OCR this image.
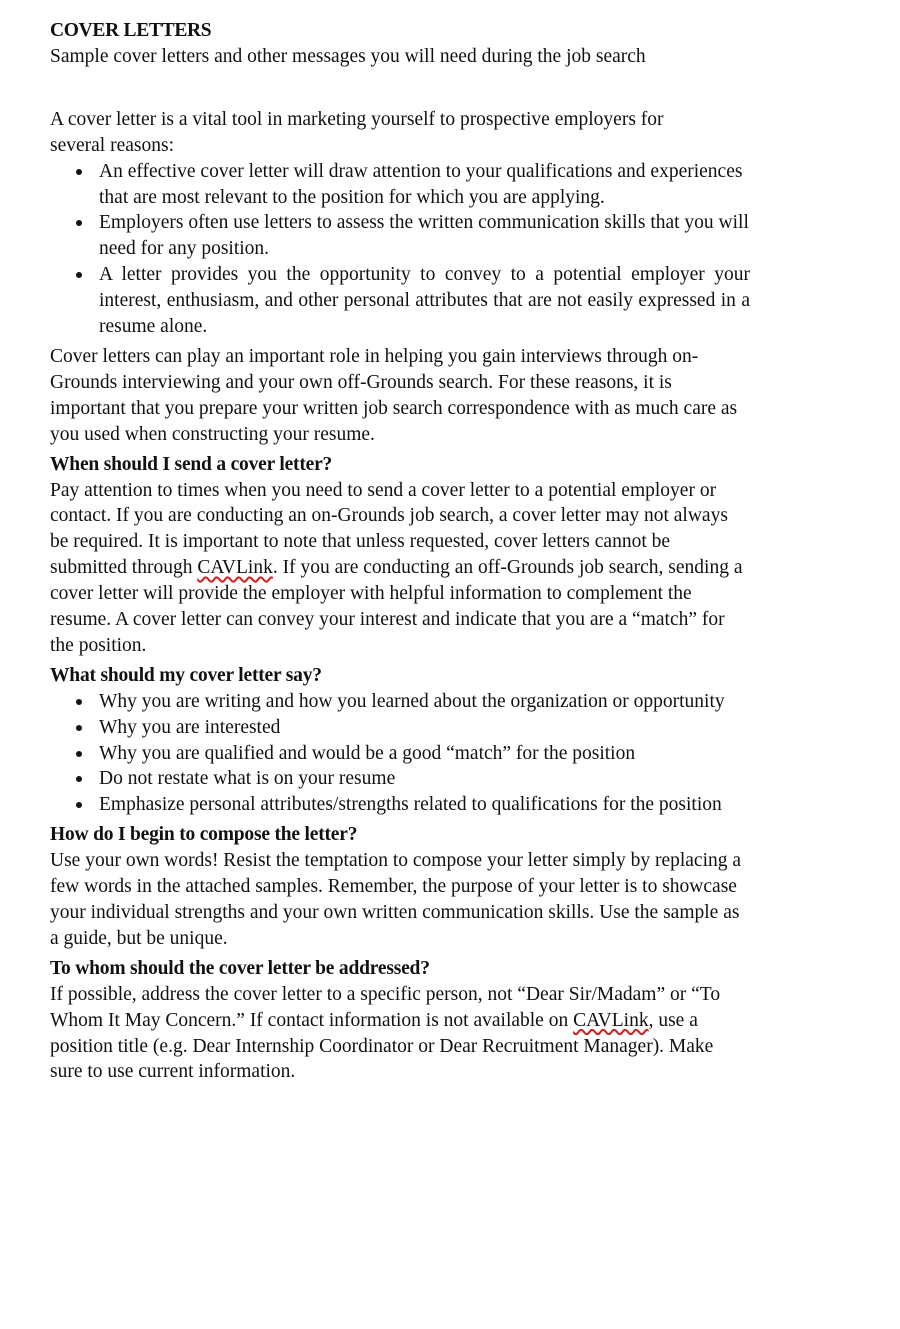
COVER LETTERS

Sample cover letters and other messages you will need during the job search

A cover letter is a vital tool in marketing yourself to prospective employers for several reasons:

An effective cover letter will draw attention to your qualifications and experiences that are most relevant to the position for which you are applying.
Employers often use letters to assess the written communication skills that you will need for any position.
A letter provides you the opportunity to convey to a potential employer your interest, enthusiasm, and other personal attributes that are not easily expressed in a resume alone.

Cover letters can play an important role in helping you gain interviews through on-Grounds interviewing and your own off-Grounds search. For these reasons, it is important that you prepare your written job search correspondence with as much care as you used when constructing your resume.

When should I send a cover letter?

Pay attention to times when you need to send a cover letter to a potential employer or contact. If you are conducting an on-Grounds job search, a cover letter may not always be required. It is important to note that unless requested, cover letters cannot be submitted through CAVLink. If you are conducting an off-Grounds job search, sending a cover letter will provide the employer with helpful information to complement the resume. A cover letter can convey your interest and indicate that you are a “match” for the position.

What should my cover letter say?

Why you are writing and how you learned about the organization or opportunity
Why you are interested
Why you are qualified and would be a good “match” for the position
Do not restate what is on your resume
Emphasize personal attributes/strengths related to qualifications for the position

How do I begin to compose the letter?

Use your own words! Resist the temptation to compose your letter simply by replacing a few words in the attached samples. Remember, the purpose of your letter is to showcase your individual strengths and your own written communication skills. Use the sample as a guide, but be unique.

To whom should the cover letter be addressed?

If possible, address the cover letter to a specific person, not “Dear Sir/Madam” or “To Whom It May Concern.” If contact information is not available on CAVLink, use a position title (e.g. Dear Internship Coordinator or Dear Recruitment Manager). Make sure to use current information.
